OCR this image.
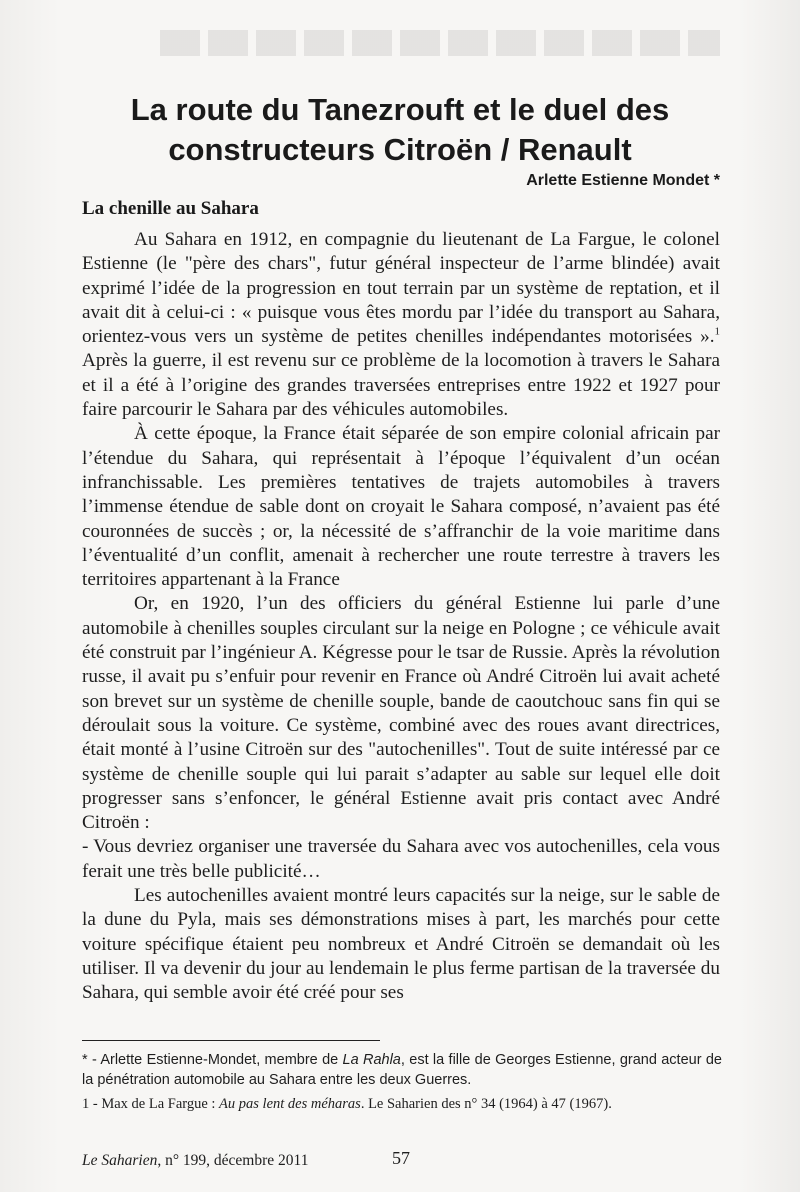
La route du Tanezrouft et le duel des
constructeurs Citroën / Renault
Arlette Estienne Mondet *
La chenille au Sahara

Au Sahara en 1912, en compagnie du lieutenant de La Fargue, le colonel Estienne (le "père des chars", futur général inspecteur de l’arme blindée) avait exprimé l’idée de la progression en tout terrain par un système de reptation, et il avait dit à celui-ci : « puisque vous êtes mordu par l’idée du transport au Sahara, orientez-vous vers un système de petites chenilles indépendantes motorisées ».$^1$ Après la guerre, il est revenu sur ce problème de la locomotion à travers le Sahara et il a été à l’origine des grandes traversées entreprises entre 1922 et 1927 pour faire parcourir le Sahara par des véhicules automobiles.

À cette époque, la France était séparée de son empire colonial africain par l’étendue du Sahara, qui représentait à l’époque l’équivalent d’un océan infranchissable. Les premières tentatives de trajets automobiles à travers l’immense étendue de sable dont on croyait le Sahara composé, n’avaient pas été couronnées de succès ; or, la nécessité de s’affranchir de la voie maritime dans l’éventualité d’un conflit, amenait à rechercher une route terrestre à travers les territoires appartenant à la France

Or, en 1920, l’un des officiers du général Estienne lui parle d’une automobile à chenilles souples circulant sur la neige en Pologne ; ce véhicule avait été construit par l’ingénieur A. Kégresse pour le tsar de Russie. Après la révolution russe, il avait pu s’enfuir pour revenir en France où André Citroën lui avait acheté son brevet sur un système de chenille souple, bande de caoutchouc sans fin qui se déroulait sous la voiture. Ce système, combiné avec des roues avant directrices, était monté à l’usine Citroën sur des "autochenilles". Tout de suite intéressé par ce système de chenille souple qui lui parait s’adapter au sable sur lequel elle doit progresser sans s’enfoncer, le général Estienne avait pris contact avec André Citroën :

- Vous devriez organiser une traversée du Sahara avec vos autochenilles, cela vous ferait une très belle publicité…

Les autochenilles avaient montré leurs capacités sur la neige, sur le sable de la dune du Pyla, mais ses démonstrations mises à part, les marchés pour cette voiture spécifique étaient peu nombreux et André Citroën se demandait où les utiliser. Il va devenir du jour au lendemain le plus ferme partisan de la traversée du Sahara, qui semble avoir été créé pour ses

* - Arlette Estienne-Mondet, membre de La Rahla, est la fille de Georges Estienne, grand acteur de la pénétration automobile au Sahara entre les deux Guerres.
1 - Max de La Fargue : Au pas lent des méharas. Le Saharien des n° 34 (1964) à 47 (1967).
Le Saharien, n° 199, décembre 2011	57
